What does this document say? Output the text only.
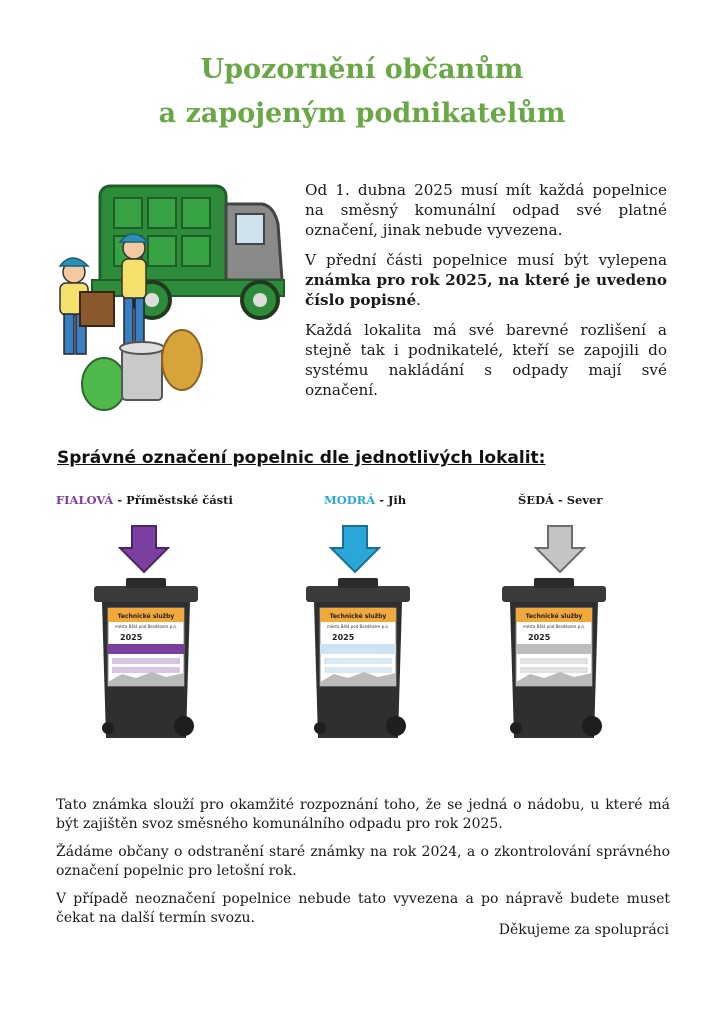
Upozornění občanům
a zapojeným podnikatelům

Od 1. dubna 2025 musí mít každá popelnice na směsný komunální odpad své platné označení, jinak nebude vyvezena.

V přední části popelnice musí být vylepena známka pro rok 2025, na které je uvedeno číslo popisné.

Každá lokalita má své barevné rozlišení a stejně tak i podnikatelé, kteří se zapojili do systému nakládání s odpady mají své označení.

Správné označení popelnic dle jednotlivých lokalit:
FIALOVÁ - Příměstské části	MODRÁ - Jih	ŠEDÁ - Sever
Technické služby
města Bělá pod Bezdězem p.o.
2025
Technické služby
města Bělá pod Bezdězem p.o.
2025
Technické služby
města Bělá pod Bezdězem p.o.
2025

Tato známka slouží pro okamžité rozpoznání toho, že se jedná o nádobu, u které má být zajištěn svoz směsného komunálního odpadu pro rok 2025.

Žádáme občany o odstranění staré známky na rok 2024, a o zkontrolování správného označení popelnic pro letošní rok.

V případě neoznačení popelnice nebude tato vyvezena a po nápravě budete muset čekat na další termín svozu.

Děkujeme za spolupráci
